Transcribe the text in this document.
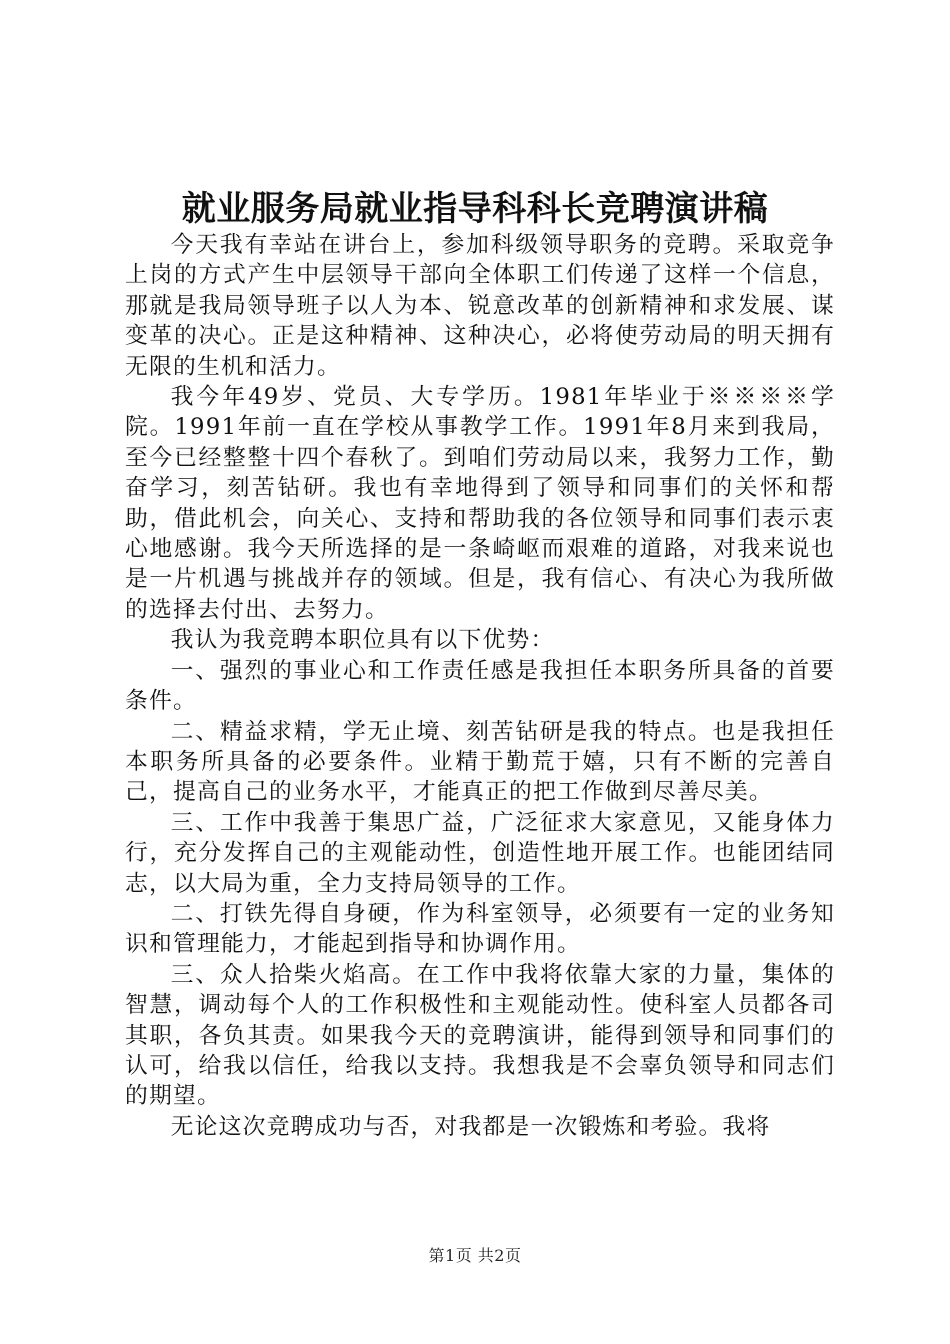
就业服务局就业指导科科长竞聘演讲稿

今天我有幸站在讲台上，参加科级领导职务的竞聘。采取竞争上岗的方式产生中层领导干部向全体职工们传递了这样一个信息，那就是我局领导班子以人为本、锐意改革的创新精神和求发展、谋变革的决心。正是这种精神、这种决心，必将使劳动局的明天拥有无限的生机和活力。

我今年49岁、党员、大专学历。1981年毕业于※※※※学院。1991年前一直在学校从事教学工作。1991年8月来到我局，至今已经整整十四个春秋了。到咱们劳动局以来，我努力工作，勤奋学习，刻苦钻研。我也有幸地得到了领导和同事们的关怀和帮助，借此机会，向关心、支持和帮助我的各位领导和同事们表示衷心地感谢。我今天所选择的是一条崎岖而艰难的道路，对我来说也是一片机遇与挑战并存的领域。但是，我有信心、有决心为我所做的选择去付出、去努力。

我认为我竞聘本职位具有以下优势：

一、强烈的事业心和工作责任感是我担任本职务所具备的首要条件。

二、精益求精，学无止境、刻苦钻研是我的特点。也是我担任本职务所具备的必要条件。业精于勤荒于嬉，只有不断的完善自己，提高自己的业务水平，才能真正的把工作做到尽善尽美。

三、工作中我善于集思广益，广泛征求大家意见，又能身体力行，充分发挥自己的主观能动性，创造性地开展工作。也能团结同志，以大局为重，全力支持局领导的工作。

二、打铁先得自身硬，作为科室领导，必须要有一定的业务知识和管理能力，才能起到指导和协调作用。

三、众人拾柴火焰高。在工作中我将依靠大家的力量，集体的智慧，调动每个人的工作积极性和主观能动性。使科室人员都各司其职，各负其责。如果我今天的竞聘演讲，能得到领导和同事们的认可，给我以信任，给我以支持。我想我是不会辜负领导和同志们的期望。

无论这次竞聘成功与否，对我都是一次锻炼和考验。我将

第1页 共2页
